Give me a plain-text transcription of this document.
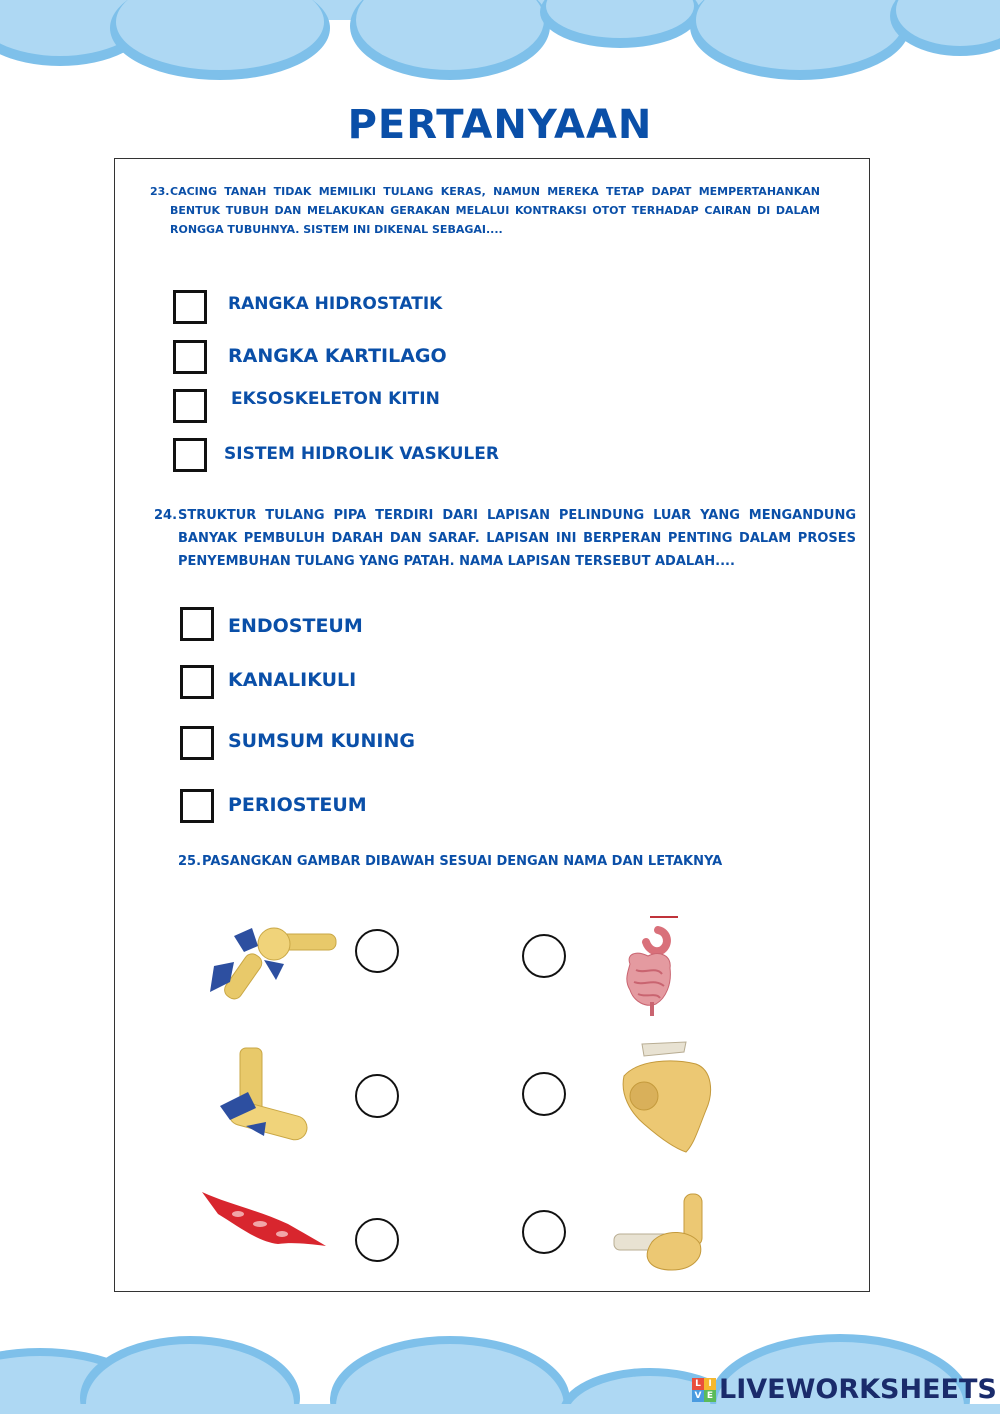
PERTANYAAN
23. CACING TANAH TIDAK MEMILIKI TULANG KERAS, NAMUN MEREKA TETAP DAPAT MEMPERTAHANKAN BENTUK TUBUH DAN MELAKUKAN GERAKAN MELALUI KONTRAKSI OTOT TERHADAP CAIRAN DI DALAM RONGGA TUBUHNYA. SISTEM INI DIKENAL SEBAGAI....
RANGKA HIDROSTATIK
RANGKA KARTILAGO
EKSOSKELETON KITIN
SISTEM HIDROLIK VASKULER
24. STRUKTUR TULANG PIPA TERDIRI DARI LAPISAN PELINDUNG LUAR YANG MENGANDUNG BANYAK PEMBULUH DARAH DAN SARAF. LAPISAN INI BERPERAN PENTING DALAM PROSES PENYEMBUHAN TULANG YANG PATAH. NAMA LAPISAN TERSEBUT ADALAH....
ENDOSTEUM
KANALIKULI
SUMSUM KUNING
PERIOSTEUM
25. PASANGKAN GAMBAR DIBAWAH SESUAI DENGAN NAMA DAN LETAKNYA
L I
V E LIVEWORKSHEETS
